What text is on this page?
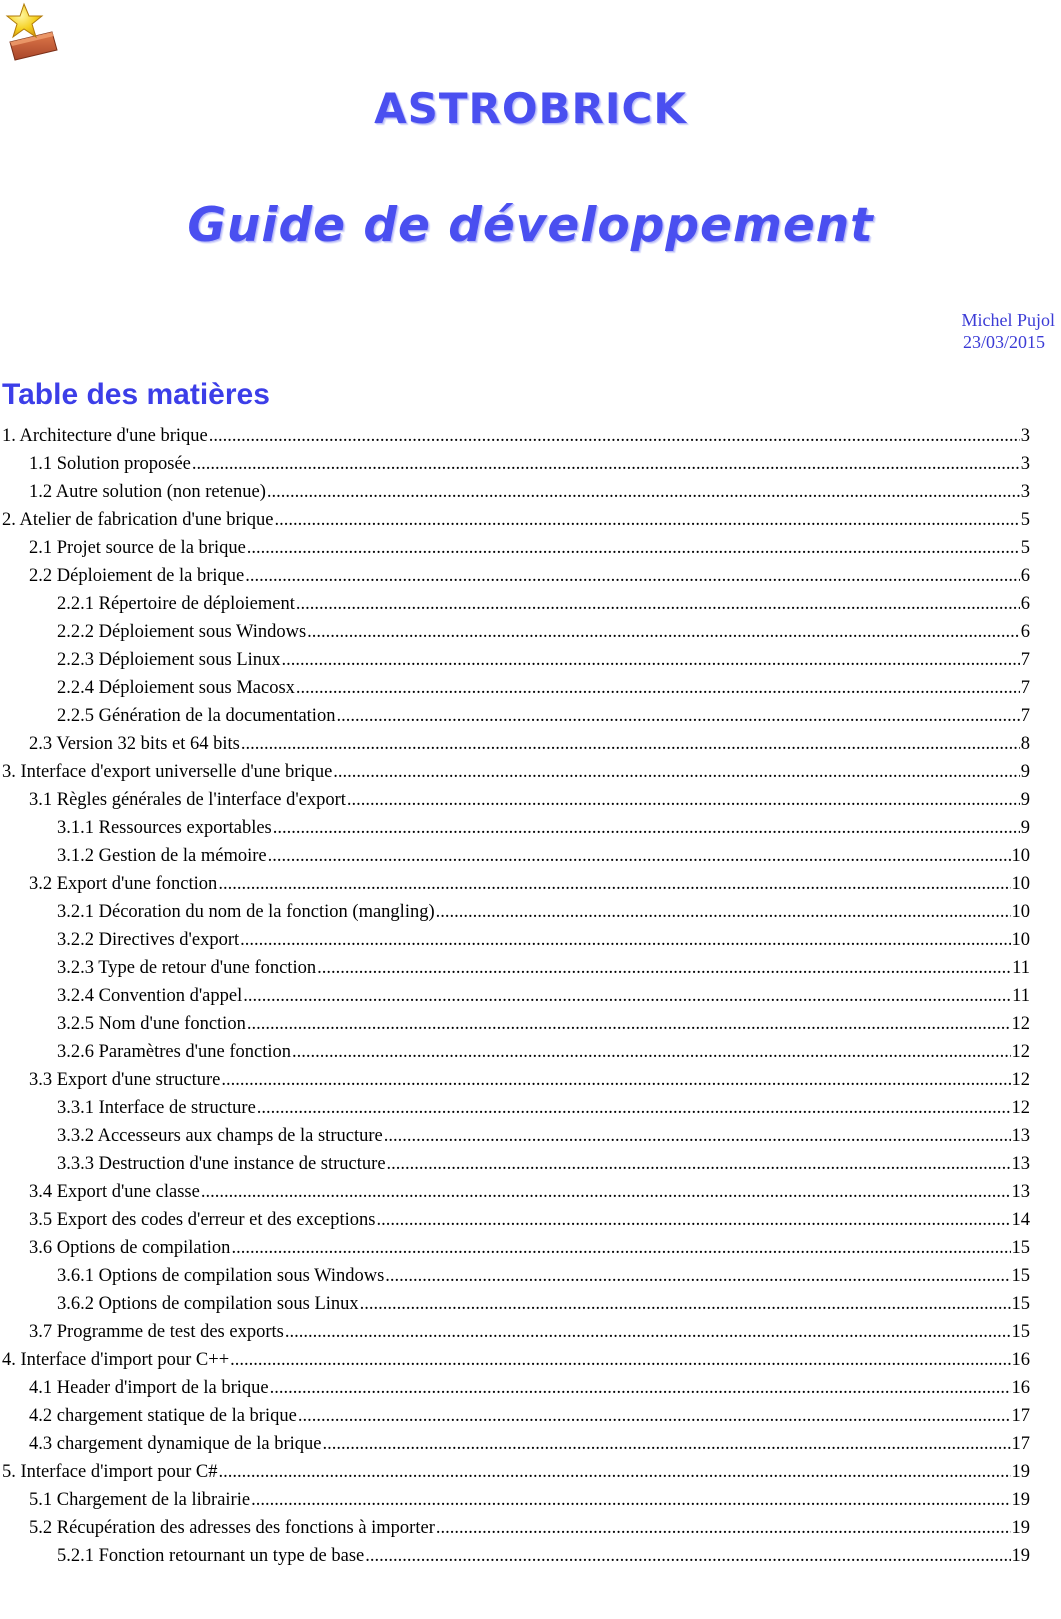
ASTROBRICK
Guide de développement
Michel Pujol
23/03/2015
Table des matières
1. Architecture d'une brique .....	3
1.1 Solution proposée .....	3
1.2 Autre solution (non retenue) .....	3
2. Atelier de fabrication d'une brique .....	5
2.1 Projet source de la brique .....	5
2.2 Déploiement de la brique .....	6
2.2.1 Répertoire de déploiement .....	6
2.2.2 Déploiement sous Windows .....	6
2.2.3 Déploiement sous Linux .....	7
2.2.4 Déploiement sous Macosx .....	7
2.2.5 Génération de la documentation .....	7
2.3 Version 32 bits et 64 bits .....	8
3. Interface d'export universelle d'une brique .....	9
3.1 Règles générales de l'interface d'export .....	9
3.1.1 Ressources exportables .....	9
3.1.2 Gestion de la mémoire .....	10
3.2 Export d'une fonction .....	10
3.2.1 Décoration du nom de la fonction (mangling) .....	10
3.2.2 Directives d'export .....	10
3.2.3 Type de retour d'une fonction .....	11
3.2.4 Convention d'appel .....	11
3.2.5 Nom d'une fonction .....	12
3.2.6 Paramètres d'une fonction .....	12
3.3 Export d'une structure .....	12
3.3.1 Interface de structure .....	12
3.3.2 Accesseurs aux champs de la structure .....	13
3.3.3 Destruction d'une instance de structure .....	13
3.4 Export d'une classe .....	13
3.5 Export des codes d'erreur et des exceptions .....	14
3.6 Options de compilation .....	15
3.6.1 Options de compilation sous Windows .....	15
3.6.2 Options de compilation sous Linux .....	15
3.7 Programme de test des exports .....	15
4. Interface d'import pour C++ .....	16
4.1 Header d'import de la brique .....	16
4.2 chargement statique de la brique .....	17
4.3 chargement dynamique de la brique .....	17
5. Interface d'import pour C# .....	19
5.1 Chargement de la librairie .....	19
5.2 Récupération des adresses des fonctions à importer .....	19
5.2.1 Fonction retournant un type de base .....	19
